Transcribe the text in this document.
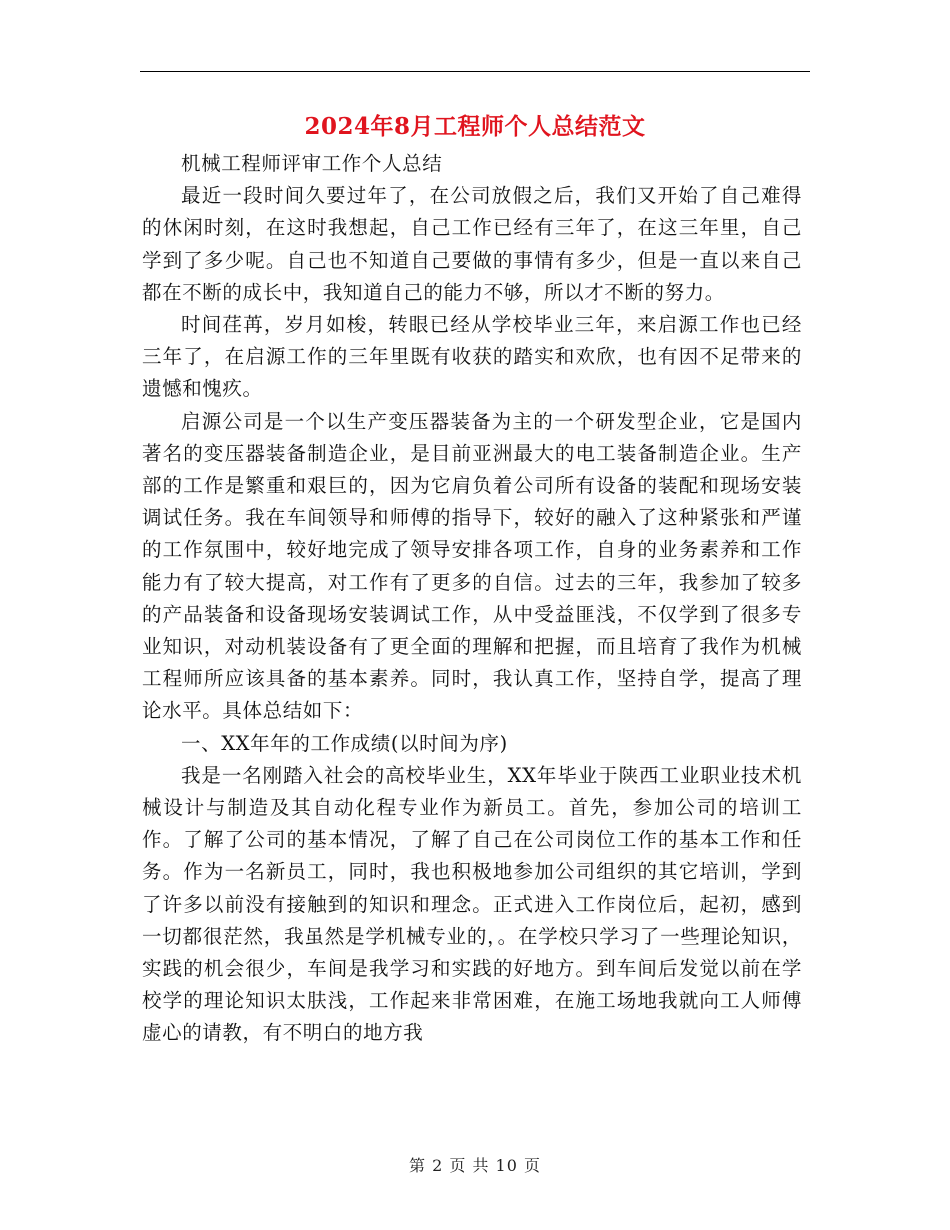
2024年8月工程师个人总结范文

机械工程师评审工作个人总结

最近一段时间久要过年了，在公司放假之后，我们又开始了自己难得的休闲时刻，在这时我想起，自己工作已经有三年了，在这三年里，自己学到了多少呢。自己也不知道自己要做的事情有多少，但是一直以来自己都在不断的成长中，我知道自己的能力不够，所以才不断的努力。

时间荏苒，岁月如梭，转眼已经从学校毕业三年，来启源工作也已经三年了，在启源工作的三年里既有收获的踏实和欢欣，也有因不足带来的遗憾和愧疚。

启源公司是一个以生产变压器装备为主的一个研发型企业，它是国内著名的变压器装备制造企业，是目前亚洲最大的电工装备制造企业。生产部的工作是繁重和艰巨的，因为它肩负着公司所有设备的装配和现场安装调试任务。我在车间领导和师傅的指导下，较好的融入了这种紧张和严谨的工作氛围中，较好地完成了领导安排各项工作，自身的业务素养和工作能力有了较大提高，对工作有了更多的自信。过去的三年，我参加了较多的产品装备和设备现场安装调试工作，从中受益匪浅，不仅学到了很多专业知识，对动机装设备有了更全面的理解和把握，而且培育了我作为机械工程师所应该具备的基本素养。同时，我认真工作，坚持自学，提高了理论水平。具体总结如下：

一、XX年年的工作成绩(以时间为序)

我是一名刚踏入社会的高校毕业生，XX年毕业于陕西工业职业技术机械设计与制造及其自动化程专业作为新员工。首先，参加公司的培训工作。了解了公司的基本情况，了解了自己在公司岗位工作的基本工作和任务。作为一名新员工，同时，我也积极地参加公司组织的其它培训，学到了许多以前没有接触到的知识和理念。正式进入工作岗位后，起初，感到一切都很茫然，我虽然是学机械专业的，。在学校只学习了一些理论知识，实践的机会很少，车间是我学习和实践的好地方。到车间后发觉以前在学校学的理论知识太肤浅，工作起来非常困难，在施工场地我就向工人师傅虚心的请教，有不明白的地方我

第 2 页 共 10 页
